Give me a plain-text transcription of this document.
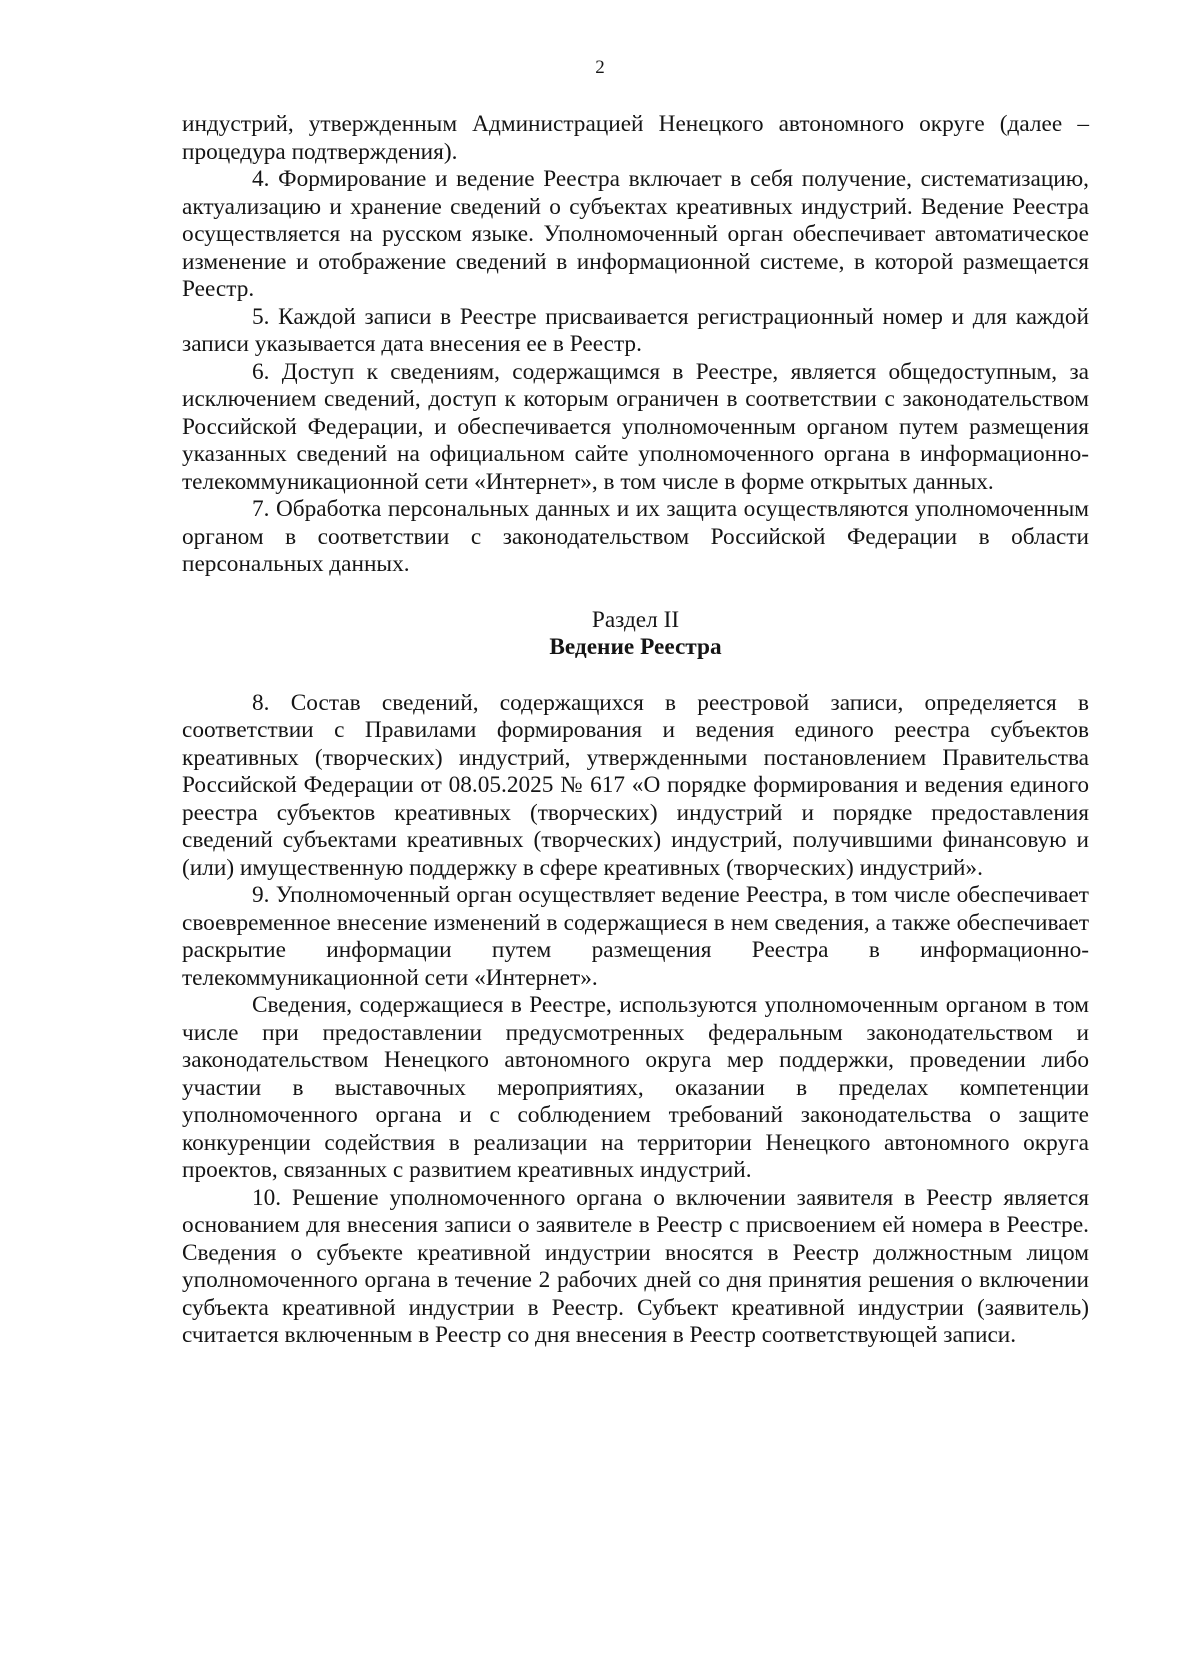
2

индустрий, утвержденным Администрацией Ненецкого автономного округе (далее – процедура подтверждения).

4. Формирование и ведение Реестра включает в себя получение, систематизацию, актуализацию и хранение сведений о субъектах креативных индустрий. Ведение Реестра осуществляется на русском языке. Уполномоченный орган обеспечивает автоматическое изменение и отображение сведений в информационной системе, в которой размещается Реестр.

5. Каждой записи в Реестре присваивается регистрационный номер и для каждой записи указывается дата внесения ее в Реестр.

6. Доступ к сведениям, содержащимся в Реестре, является общедоступным, за исключением сведений, доступ к которым ограничен в соответствии с законодательством Российской Федерации, и обеспечивается уполномоченным органом путем размещения указанных сведений на официальном сайте уполномоченного органа в информационно-телекоммуникационной сети «Интернет», в том числе в форме открытых данных.

7. Обработка персональных данных и их защита осуществляются уполномоченным органом в соответствии с законодательством Российской Федерации в области персональных данных.

Раздел II
Ведение Реестра

8. Состав сведений, содержащихся в реестровой записи, определяется в соответствии с Правилами формирования и ведения единого реестра субъектов креативных (творческих) индустрий, утвержденными постановлением Правительства Российской Федерации от 08.05.2025 № 617 «О порядке формирования и ведения единого реестра субъектов креативных (творческих) индустрий и порядке предоставления сведений субъектами креативных (творческих) индустрий, получившими финансовую и (или) имущественную поддержку в сфере креативных (творческих) индустрий».

9. Уполномоченный орган осуществляет ведение Реестра, в том числе обеспечивает своевременное внесение изменений в содержащиеся в нем сведения, а также обеспечивает раскрытие информации путем размещения Реестра в информационно-телекоммуникационной сети «Интернет».

Сведения, содержащиеся в Реестре, используются уполномоченным органом в том числе при предоставлении предусмотренных федеральным законодательством и законодательством Ненецкого автономного округа мер поддержки, проведении либо участии в выставочных мероприятиях, оказании в пределах компетенции уполномоченного органа и с соблюдением требований законодательства о защите конкуренции содействия в реализации на территории Ненецкого автономного округа проектов, связанных с развитием креативных индустрий.

10. Решение уполномоченного органа о включении заявителя в Реестр является основанием для внесения записи о заявителе в Реестр с присвоением ей номера в Реестре. Сведения о субъекте креативной индустрии вносятся в Реестр должностным лицом уполномоченного органа в течение 2 рабочих дней со дня принятия решения о включении субъекта креативной индустрии в Реестр. Субъект креативной индустрии (заявитель) считается включенным в Реестр со дня внесения в Реестр соответствующей записи.
